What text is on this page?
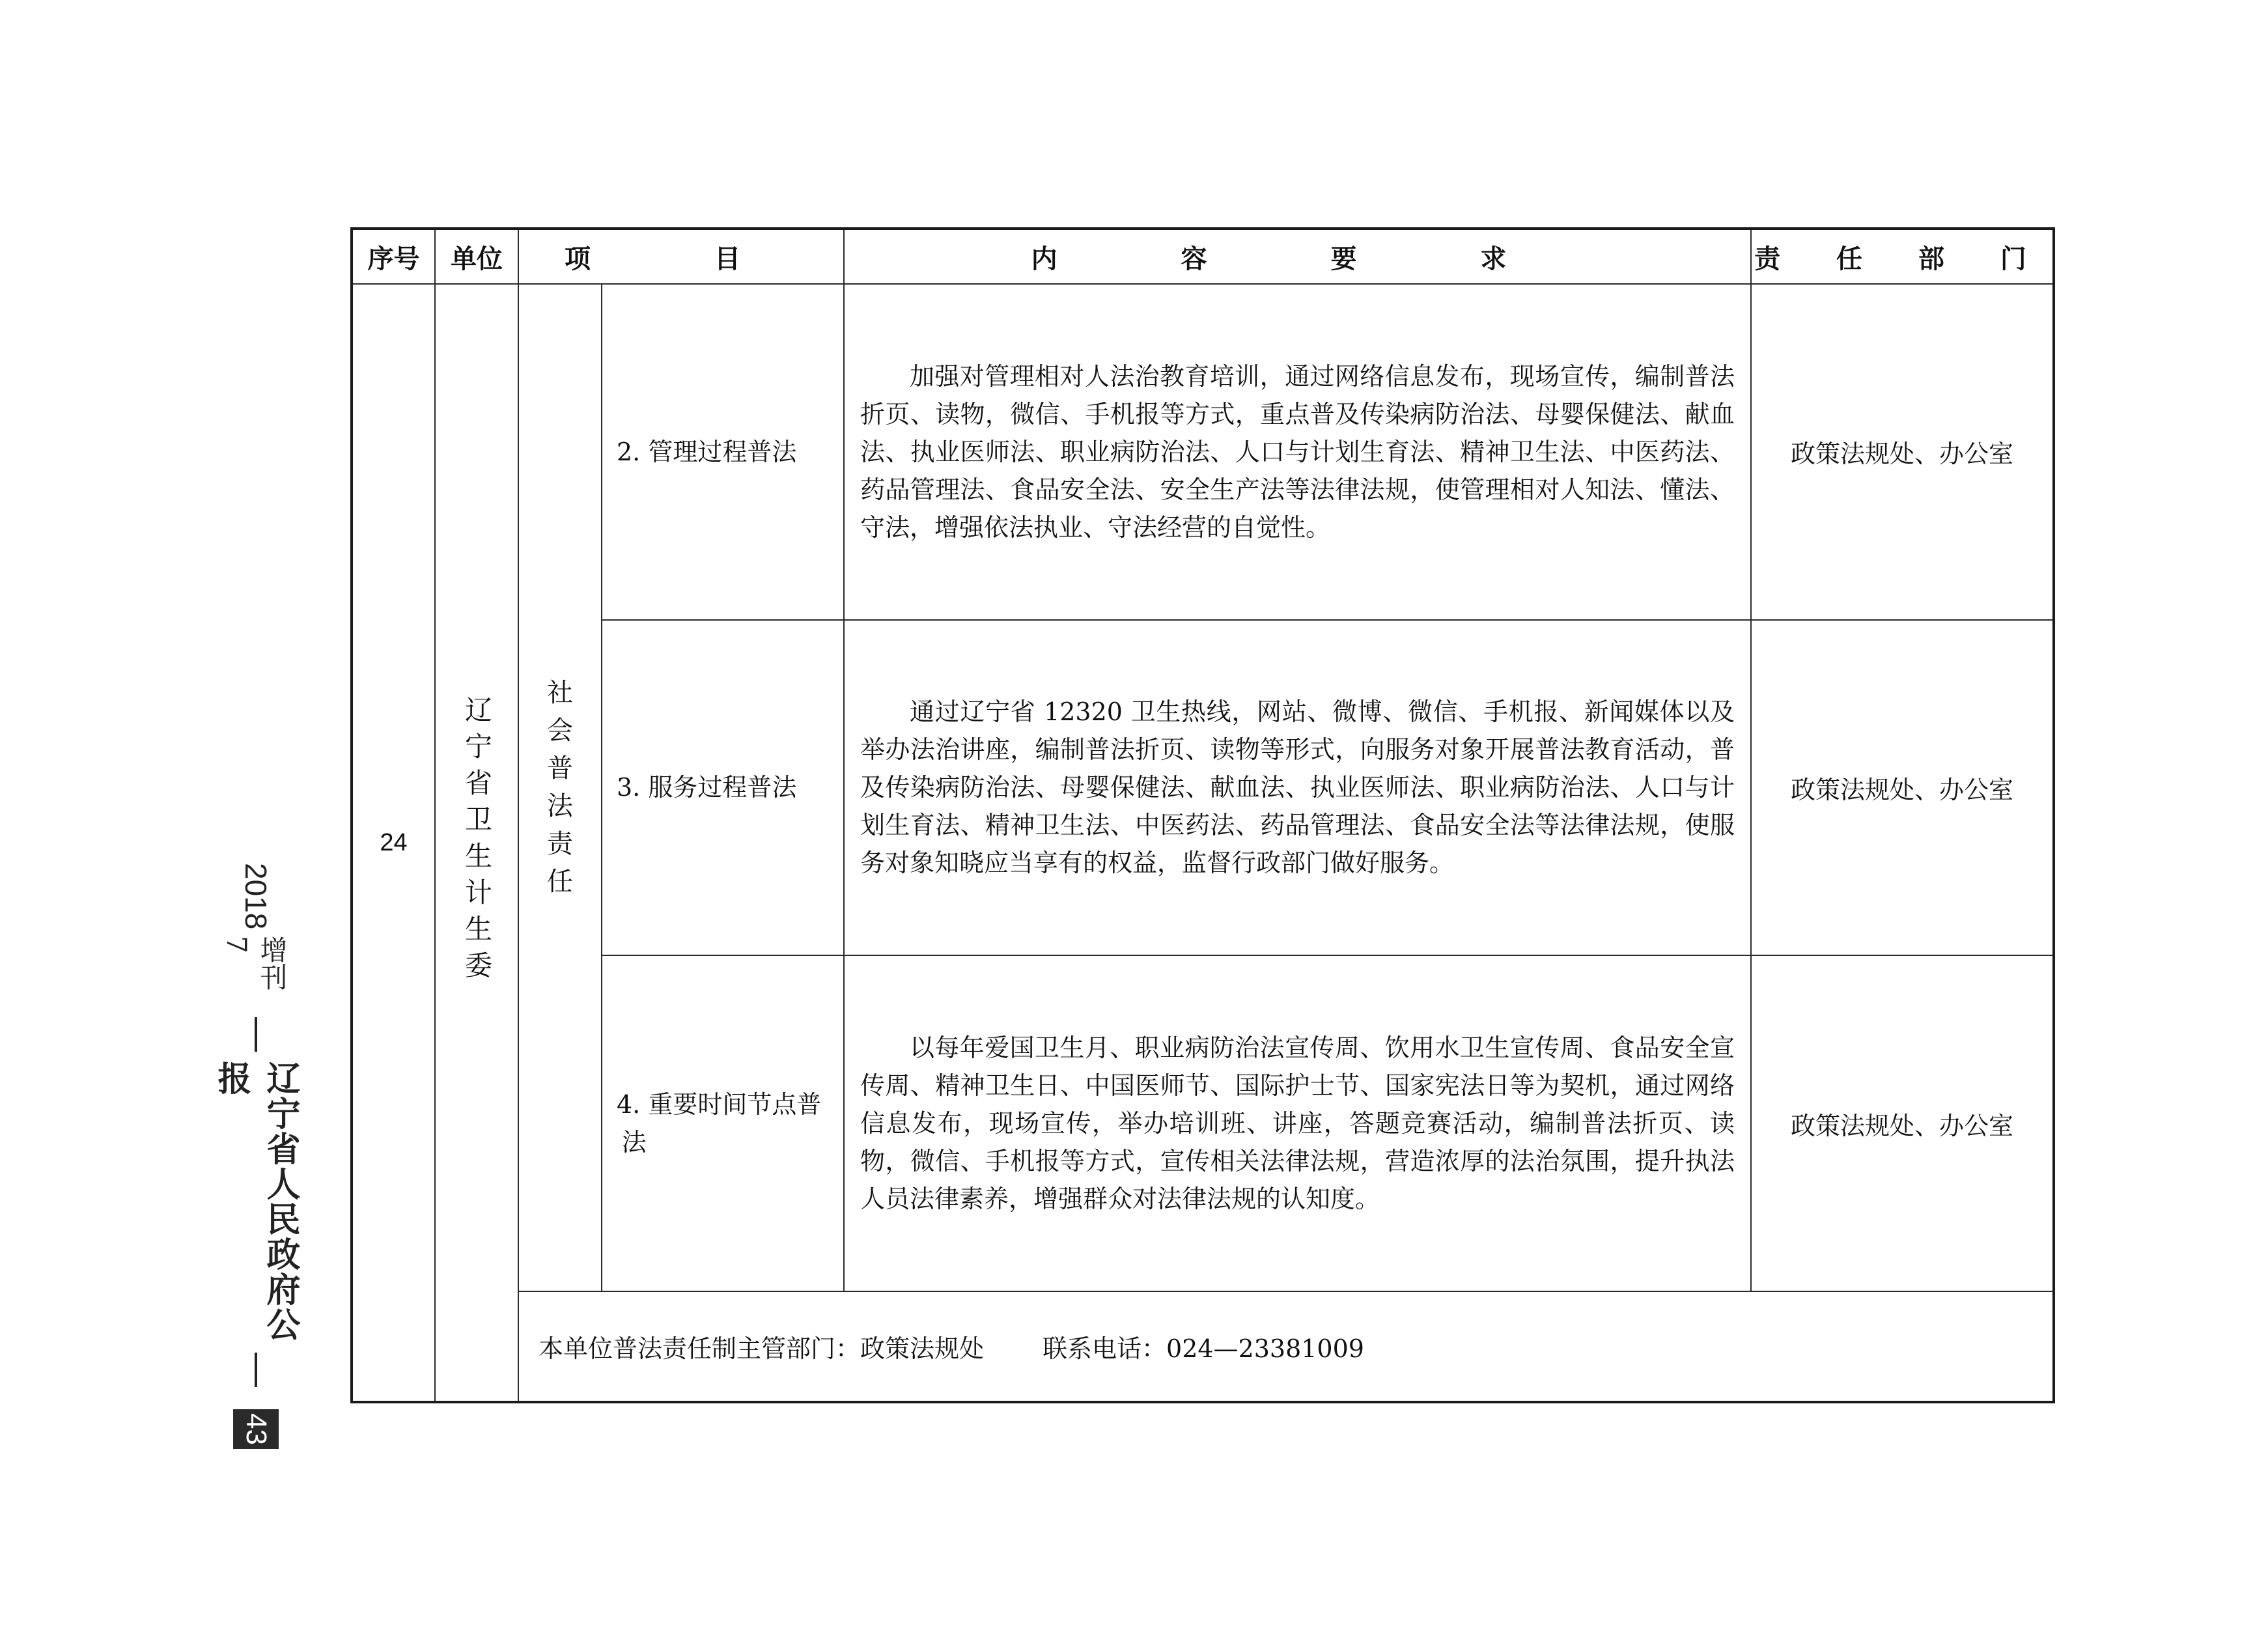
序号	单位	项 目		内 容 要 求	责 任 部 门
24	辽宁省卫生计生委	社会普法责任	2. 管理过程普法	加强对管理相对人法治教育培训，通过网络信息发布，现场宣传，编制普法折页、读物，微信、手机报等方式，重点普及传染病防治法、母婴保健法、献血法、执业医师法、职业病防治法、人口与计划生育法、精神卫生法、中医药法、药品管理法、食品安全法、安全生产法等法律法规，使管理相对人知法、懂法、守法，增强依法执业、守法经营的自觉性。	政策法规处、办公室

			3. 服务过程普法	通过辽宁省 12320 卫生热线，网站、微博、微信、手机报、新闻媒体以及举办法治讲座，编制普法折页、读物等形式，向服务对象开展普法教育活动，普及传染病防治法、母婴保健法、献血法、执业医师法、职业病防治法、人口与计划生育法、精神卫生法、中医药法、药品管理法、食品安全法等法律法规，使服务对象知晓应当享有的权益，监督行政部门做好服务。	政策法规处、办公室

			4. 重要时间节点普法	以每年爱国卫生月、职业病防治法宣传周、饮用水卫生宣传周、食品安全宣传周、精神卫生日、中国医师节、国际护士节、国家宪法日等为契机，通过网络信息发布，现场宣传，举办培训班、讲座，答题竞赛活动，编制普法折页、读物，微信、手机报等方式，宣传相关法律法规，营造浓厚的法治氛围，提升执法人员法律素养，增强群众对法律法规的认知度。	政策法规处、办公室
		本单位普法责任制主管部门：政策法规处 联系电话：024—23381009			
2018
增刊 7
辽宁省人民政府公报
43
